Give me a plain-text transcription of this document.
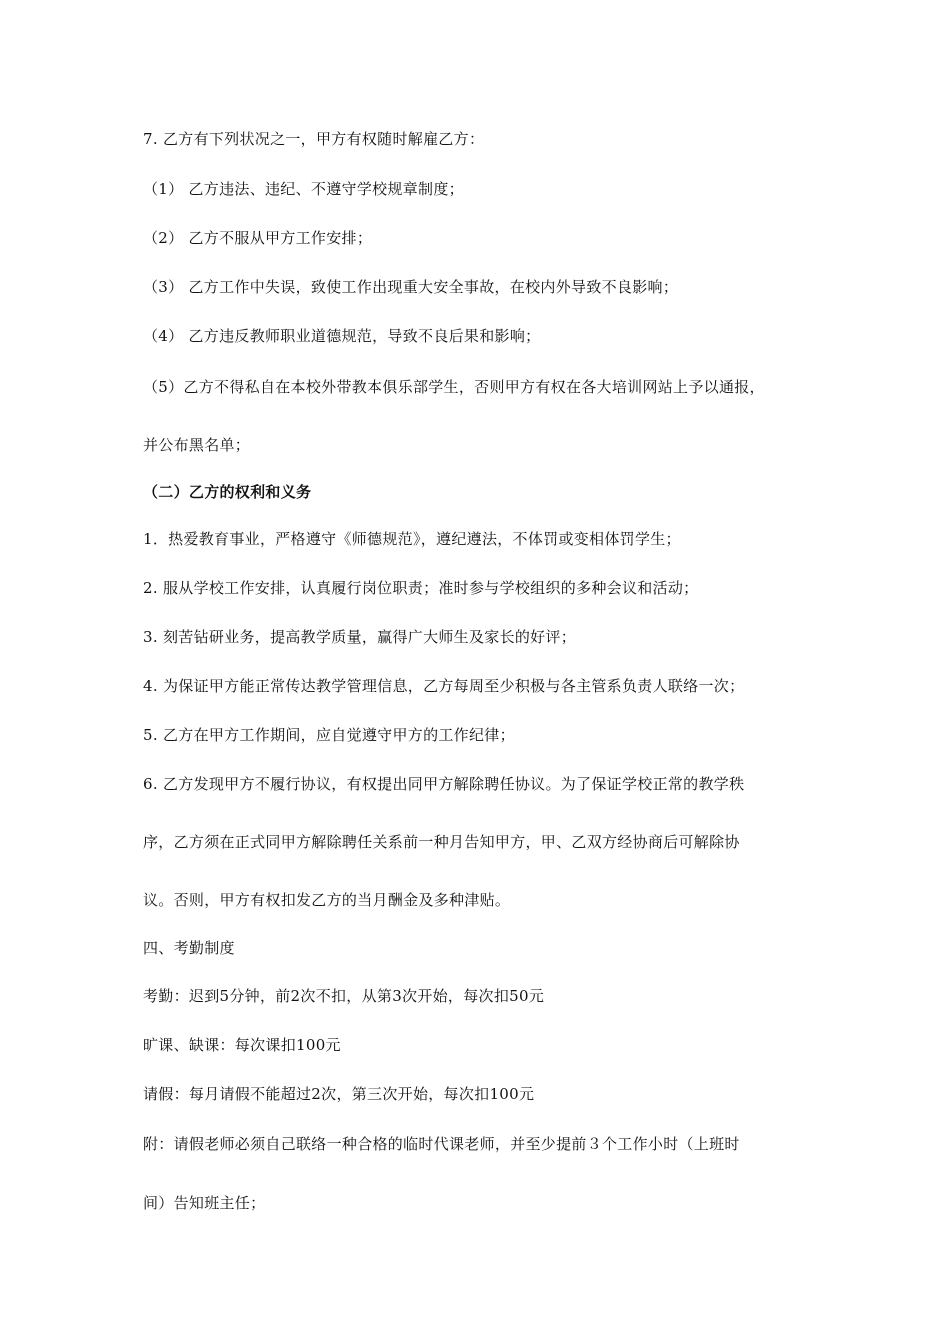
7. 乙方有下列状况之一，甲方有权随时解雇乙方：
（1） 乙方违法、违纪、不遵守学校规章制度；
（2） 乙方不服从甲方工作安排；
（3） 乙方工作中失误，致使工作出现重大安全事故，在校内外导致不良影响；
（4） 乙方违反教师职业道德规范，导致不良后果和影响；
（5）乙方不得私自在本校外带教本俱乐部学生，否则甲方有权在各大培训网站上予以通报，
并公布黑名单；
（二）乙方的权利和义务
1．热爱教育事业，严格遵守《师德规范》，遵纪遵法，不体罚或变相体罚学生；
2. 服从学校工作安排，认真履行岗位职责；准时参与学校组织的多种会议和活动；
3. 刻苦钻研业务，提高教学质量，赢得广大师生及家长的好评；
4. 为保证甲方能正常传达教学管理信息，乙方每周至少积极与各主管系负责人联络一次；
5. 乙方在甲方工作期间，应自觉遵守甲方的工作纪律；
6. 乙方发现甲方不履行协议，有权提出同甲方解除聘任协议。为了保证学校正常的教学秩
序，乙方须在正式同甲方解除聘任关系前一种月告知甲方，甲、乙双方经协商后可解除协
议。否则，甲方有权扣发乙方的当月酬金及多种津贴。
四、考勤制度
考勤：迟到5分钟，前2次不扣，从第3次开始，每次扣50元
旷课、缺课：每次课扣100元
请假：每月请假不能超过2次，第三次开始，每次扣100元
附：请假老师必须自己联络一种合格的临时代课老师，并至少提前３个工作小时（上班时
间）告知班主任；
